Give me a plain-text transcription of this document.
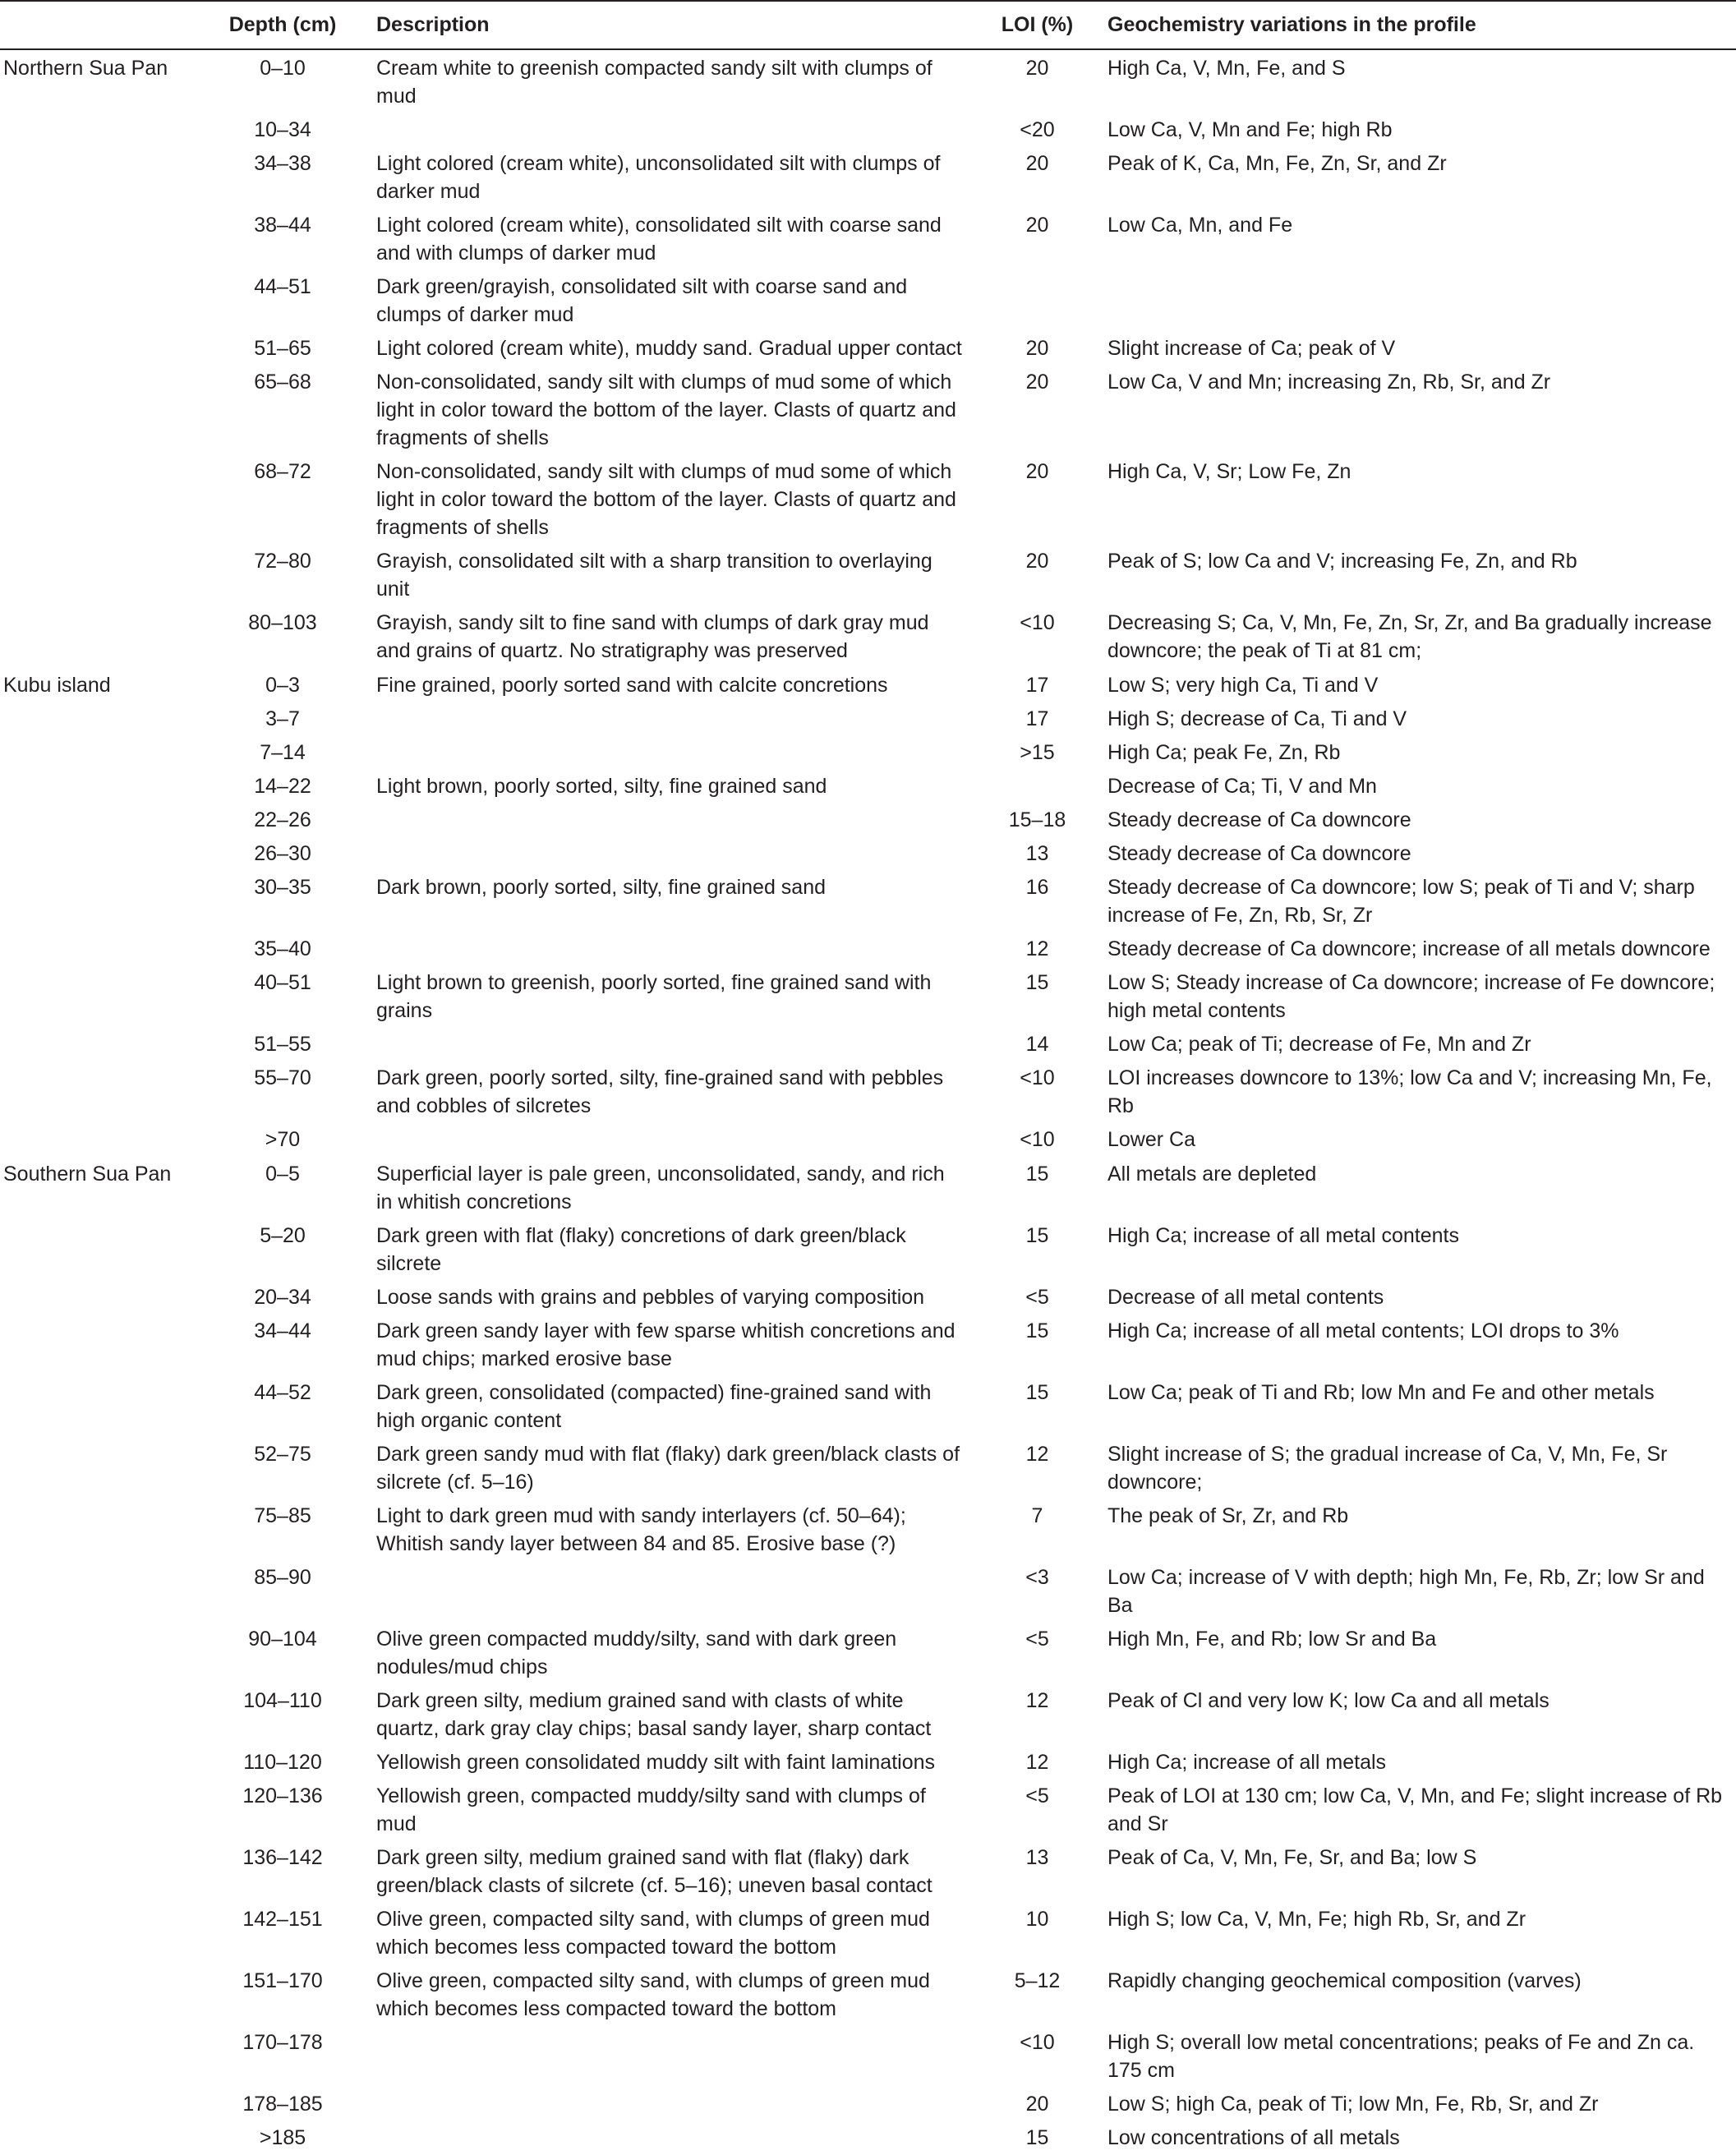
	Depth (cm)	Description	LOI (%)	Geochemistry variations in the profile
Northern Sua Pan	0–10	Cream white to greenish compacted sandy silt with clumps of mud	20	High Ca, V, Mn, Fe, and S
	10–34		<20	Low Ca, V, Mn and Fe; high Rb
	34–38	Light colored (cream white), unconsolidated silt with clumps of darker mud	20	Peak of K, Ca, Mn, Fe, Zn, Sr, and Zr
	38–44	Light colored (cream white), consolidated silt with coarse sand and with clumps of darker mud	20	Low Ca, Mn, and Fe
	44–51	Dark green/grayish, consolidated silt with coarse sand and clumps of darker mud		
	51–65	Light colored (cream white), muddy sand. Gradual upper contact	20	Slight increase of Ca; peak of V
	65–68	Non-consolidated, sandy silt with clumps of mud some of which light in color toward the bottom of the layer. Clasts of quartz and fragments of shells	20	Low Ca, V and Mn; increasing Zn, Rb, Sr, and Zr
	68–72	Non-consolidated, sandy silt with clumps of mud some of which light in color toward the bottom of the layer. Clasts of quartz and fragments of shells	20	High Ca, V, Sr; Low Fe, Zn
	72–80	Grayish, consolidated silt with a sharp transition to overlaying unit	20	Peak of S; low Ca and V; increasing Fe, Zn, and Rb
	80–103	Grayish, sandy silt to fine sand with clumps of dark gray mud and grains of quartz. No stratigraphy was preserved	<10	Decreasing S; Ca, V, Mn, Fe, Zn, Sr, Zr, and Ba gradually increase downcore; the peak of Ti at 81 cm;
Kubu island	0–3	Fine grained, poorly sorted sand with calcite concretions	17	Low S; very high Ca, Ti and V
	3–7		17	High S; decrease of Ca, Ti and V
	7–14		>15	High Ca; peak Fe, Zn, Rb
	14–22	Light brown, poorly sorted, silty, fine grained sand		Decrease of Ca; Ti, V and Mn
	22–26		15–18	Steady decrease of Ca downcore
	26–30		13	Steady decrease of Ca downcore
	30–35	Dark brown, poorly sorted, silty, fine grained sand	16	Steady decrease of Ca downcore; low S; peak of Ti and V; sharp increase of Fe, Zn, Rb, Sr, Zr
	35–40		12	Steady decrease of Ca downcore; increase of all metals downcore
	40–51	Light brown to greenish, poorly sorted, fine grained sand with grains	15	Low S; Steady increase of Ca downcore; increase of Fe downcore; high metal contents
	51–55		14	Low Ca; peak of Ti; decrease of Fe, Mn and Zr
	55–70	Dark green, poorly sorted, silty, fine-grained sand with pebbles and cobbles of silcretes	<10	LOI increases downcore to 13%; low Ca and V; increasing Mn, Fe, Rb
	>70		<10	Lower Ca
Southern Sua Pan	0–5	Superficial layer is pale green, unconsolidated, sandy, and rich in whitish concretions	15	All metals are depleted
	5–20	Dark green with flat (flaky) concretions of dark green/black silcrete	15	High Ca; increase of all metal contents
	20–34	Loose sands with grains and pebbles of varying composition	<5	Decrease of all metal contents
	34–44	Dark green sandy layer with few sparse whitish concretions and mud chips; marked erosive base	15	High Ca; increase of all metal contents; LOI drops to 3%
	44–52	Dark green, consolidated (compacted) fine-grained sand with high organic content	15	Low Ca; peak of Ti and Rb; low Mn and Fe and other metals
	52–75	Dark green sandy mud with flat (flaky) dark green/black clasts of silcrete (cf. 5–16)	12	Slight increase of S; the gradual increase of Ca, V, Mn, Fe, Sr downcore;
	75–85	Light to dark green mud with sandy interlayers (cf. 50–64); Whitish sandy layer between 84 and 85. Erosive base (?)	7	The peak of Sr, Zr, and Rb
	85–90		<3	Low Ca; increase of V with depth; high Mn, Fe, Rb, Zr; low Sr and Ba
	90–104	Olive green compacted muddy/silty, sand with dark green nodules/mud chips	<5	High Mn, Fe, and Rb; low Sr and Ba
	104–110	Dark green silty, medium grained sand with clasts of white quartz, dark gray clay chips; basal sandy layer, sharp contact	12	Peak of Cl and very low K; low Ca and all metals
	110–120	Yellowish green consolidated muddy silt with faint laminations	12	High Ca; increase of all metals
	120–136	Yellowish green, compacted muddy/silty sand with clumps of mud	<5	Peak of LOI at 130 cm; low Ca, V, Mn, and Fe; slight increase of Rb and Sr
	136–142	Dark green silty, medium grained sand with flat (flaky) dark green/black clasts of silcrete (cf. 5–16); uneven basal contact	13	Peak of Ca, V, Mn, Fe, Sr, and Ba; low S
	142–151	Olive green, compacted silty sand, with clumps of green mud which becomes less compacted toward the bottom	10	High S; low Ca, V, Mn, Fe; high Rb, Sr, and Zr
	151–170	Olive green, compacted silty sand, with clumps of green mud which becomes less compacted toward the bottom	5–12	Rapidly changing geochemical composition (varves)
	170–178		<10	High S; overall low metal concentrations; peaks of Fe and Zn ca. 175 cm
	178–185		20	Low S; high Ca, peak of Ti; low Mn, Fe, Rb, Sr, and Zr
	>185		15	Low concentrations of all metals
